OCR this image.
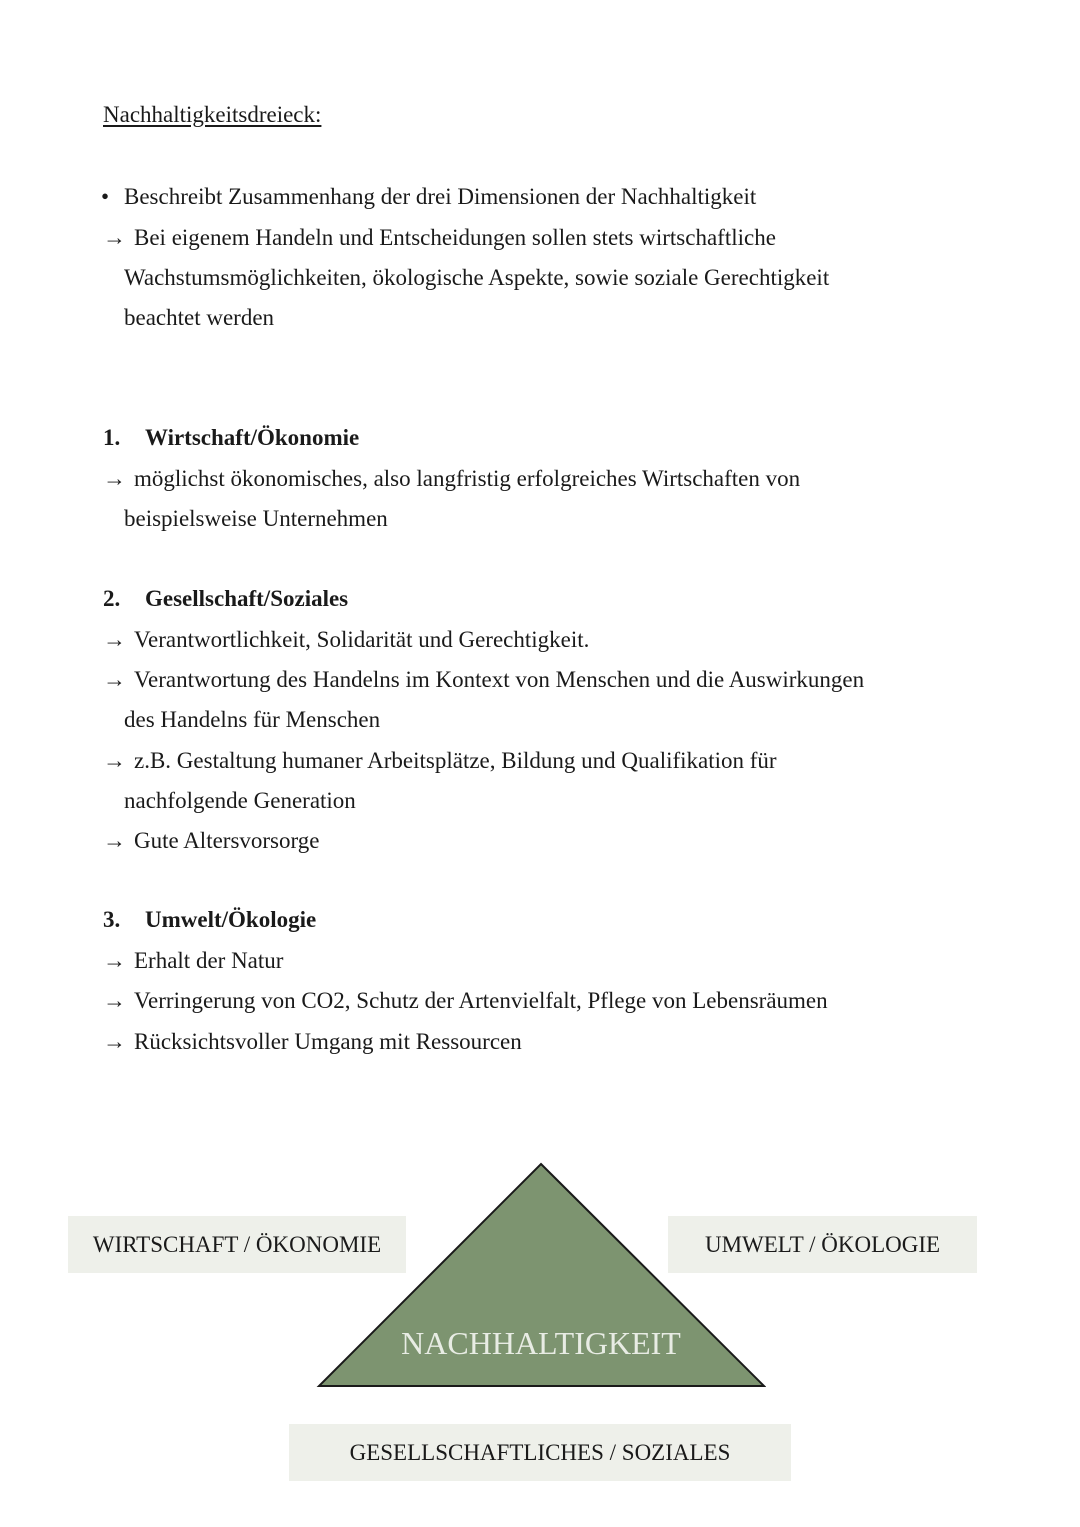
Nachhaltigkeitsdreieck:
• Beschreibt Zusammenhang der drei Dimensionen der Nachhaltigkeit
→ Bei eigenem Handeln und Entscheidungen sollen stets wirtschaftliche
Wachstumsmöglichkeiten, ökologische Aspekte, sowie soziale Gerechtigkeit
beachtet werden
1. Wirtschaft/Ökonomie
→ möglichst ökonomisches, also langfristig erfolgreiches Wirtschaften von
beispielsweise Unternehmen
2. Gesellschaft/Soziales
→ Verantwortlichkeit, Solidarität und Gerechtigkeit.
→ Verantwortung des Handelns im Kontext von Menschen und die Auswirkungen
des Handelns für Menschen
→ z.B. Gestaltung humaner Arbeitsplätze, Bildung und Qualifikation für
nachfolgende Generation
→ Gute Altersvorsorge
3. Umwelt/Ökologie
→ Erhalt der Natur
→ Verringerung von CO2, Schutz der Artenvielfalt, Pflege von Lebensräumen
→ Rücksichtsvoller Umgang mit Ressourcen
NACHHALTIGKEIT
WIRTSCHAFT / ÖKONOMIE	UMWELT / ÖKOLOGIE
GESELLSCHAFTLICHES / SOZIALES
